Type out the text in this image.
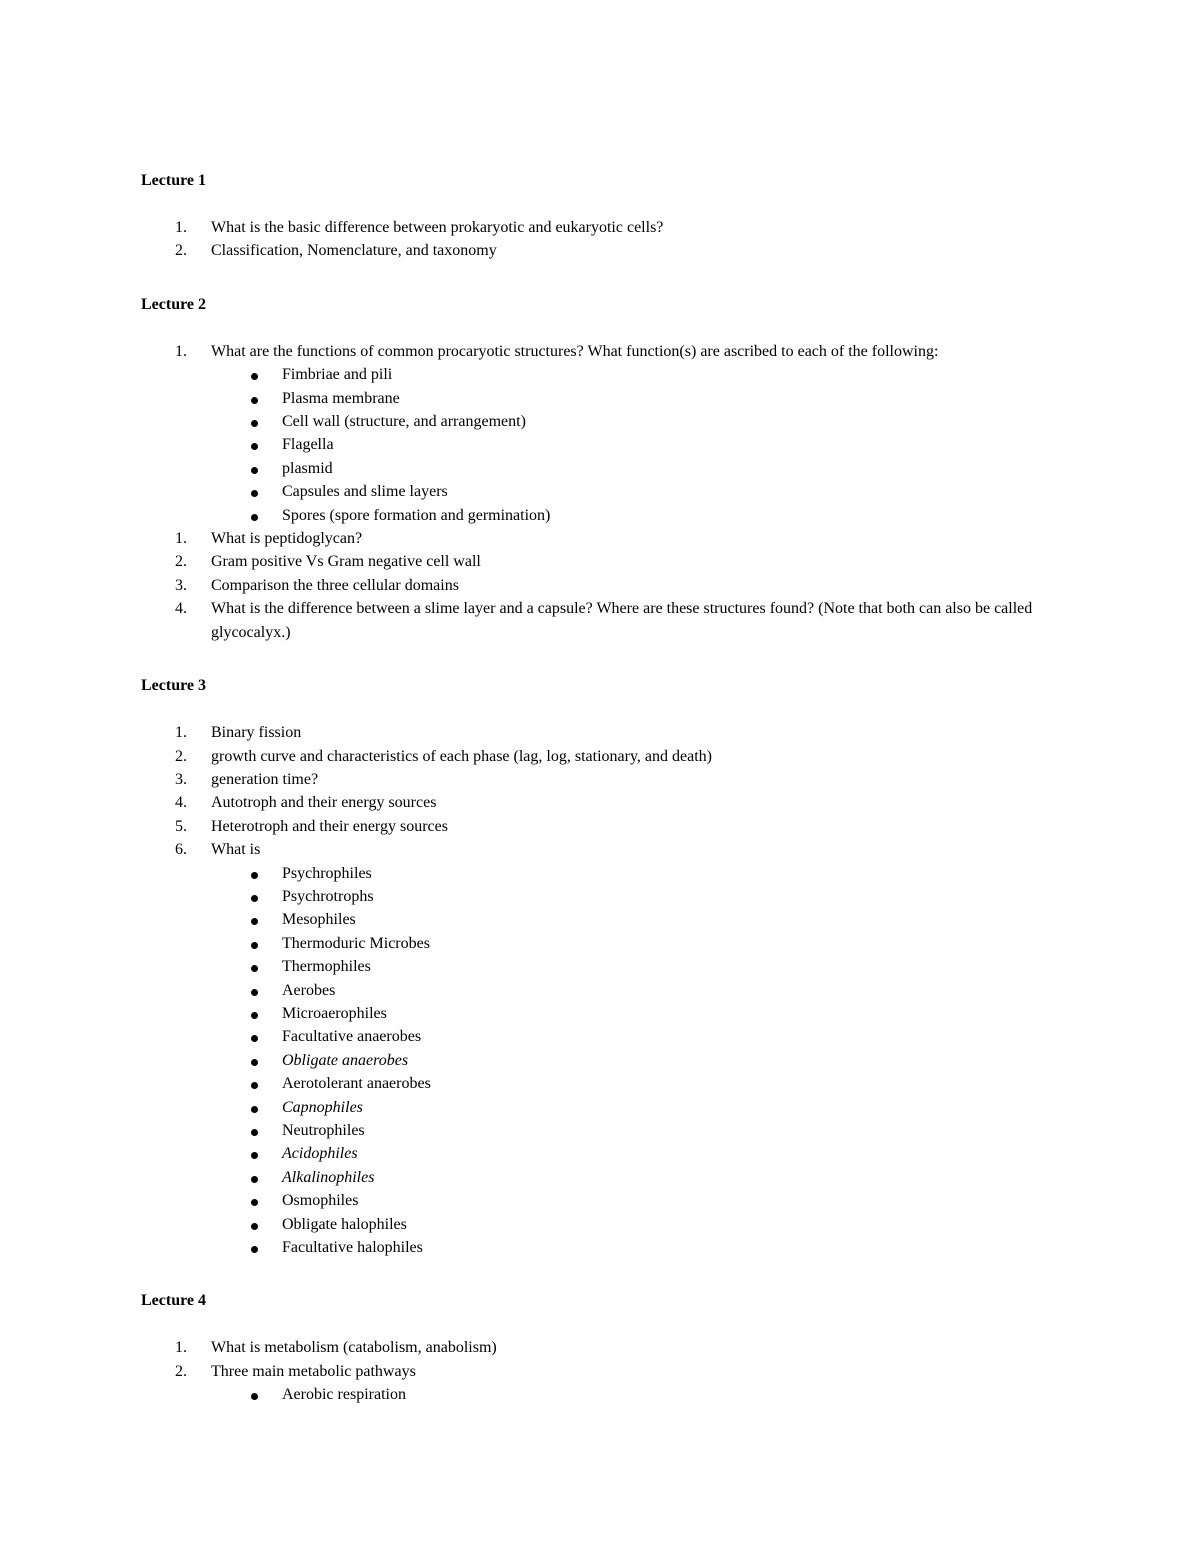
Lecture 1
1. What is the basic difference between prokaryotic and eukaryotic cells?
2. Classification, Nomenclature, and taxonomy
Lecture 2
1. What are the functions of common procaryotic structures? What function(s) are ascribed to each of the following:
Fimbriae and pili
Plasma membrane
Cell wall (structure, and arrangement)
Flagella
plasmid
Capsules and slime layers
Spores (spore formation and germination)
1. What is peptidoglycan?
2. Gram positive Vs Gram negative cell wall
3. Comparison the three cellular domains
4. What is the difference between a slime layer and a capsule? Where are these structures found? (Note that both can also be called glycocalyx.)
Lecture 3
1. Binary fission
2. growth curve and characteristics of each phase (lag, log, stationary, and death)
3. generation time?
4. Autotroph and their energy sources
5. Heterotroph and their energy sources
6. What is
Psychrophiles
Psychrotrophs
Mesophiles
Thermoduric Microbes
Thermophiles
Aerobes
Microaerophiles
Facultative anaerobes
Obligate anaerobes
Aerotolerant anaerobes
Capnophiles
Neutrophiles
Acidophiles
Alkalinophiles
Osmophiles
Obligate halophiles
Facultative halophiles
Lecture 4
1. What is metabolism (catabolism, anabolism)
2. Three main metabolic pathways
Aerobic respiration
